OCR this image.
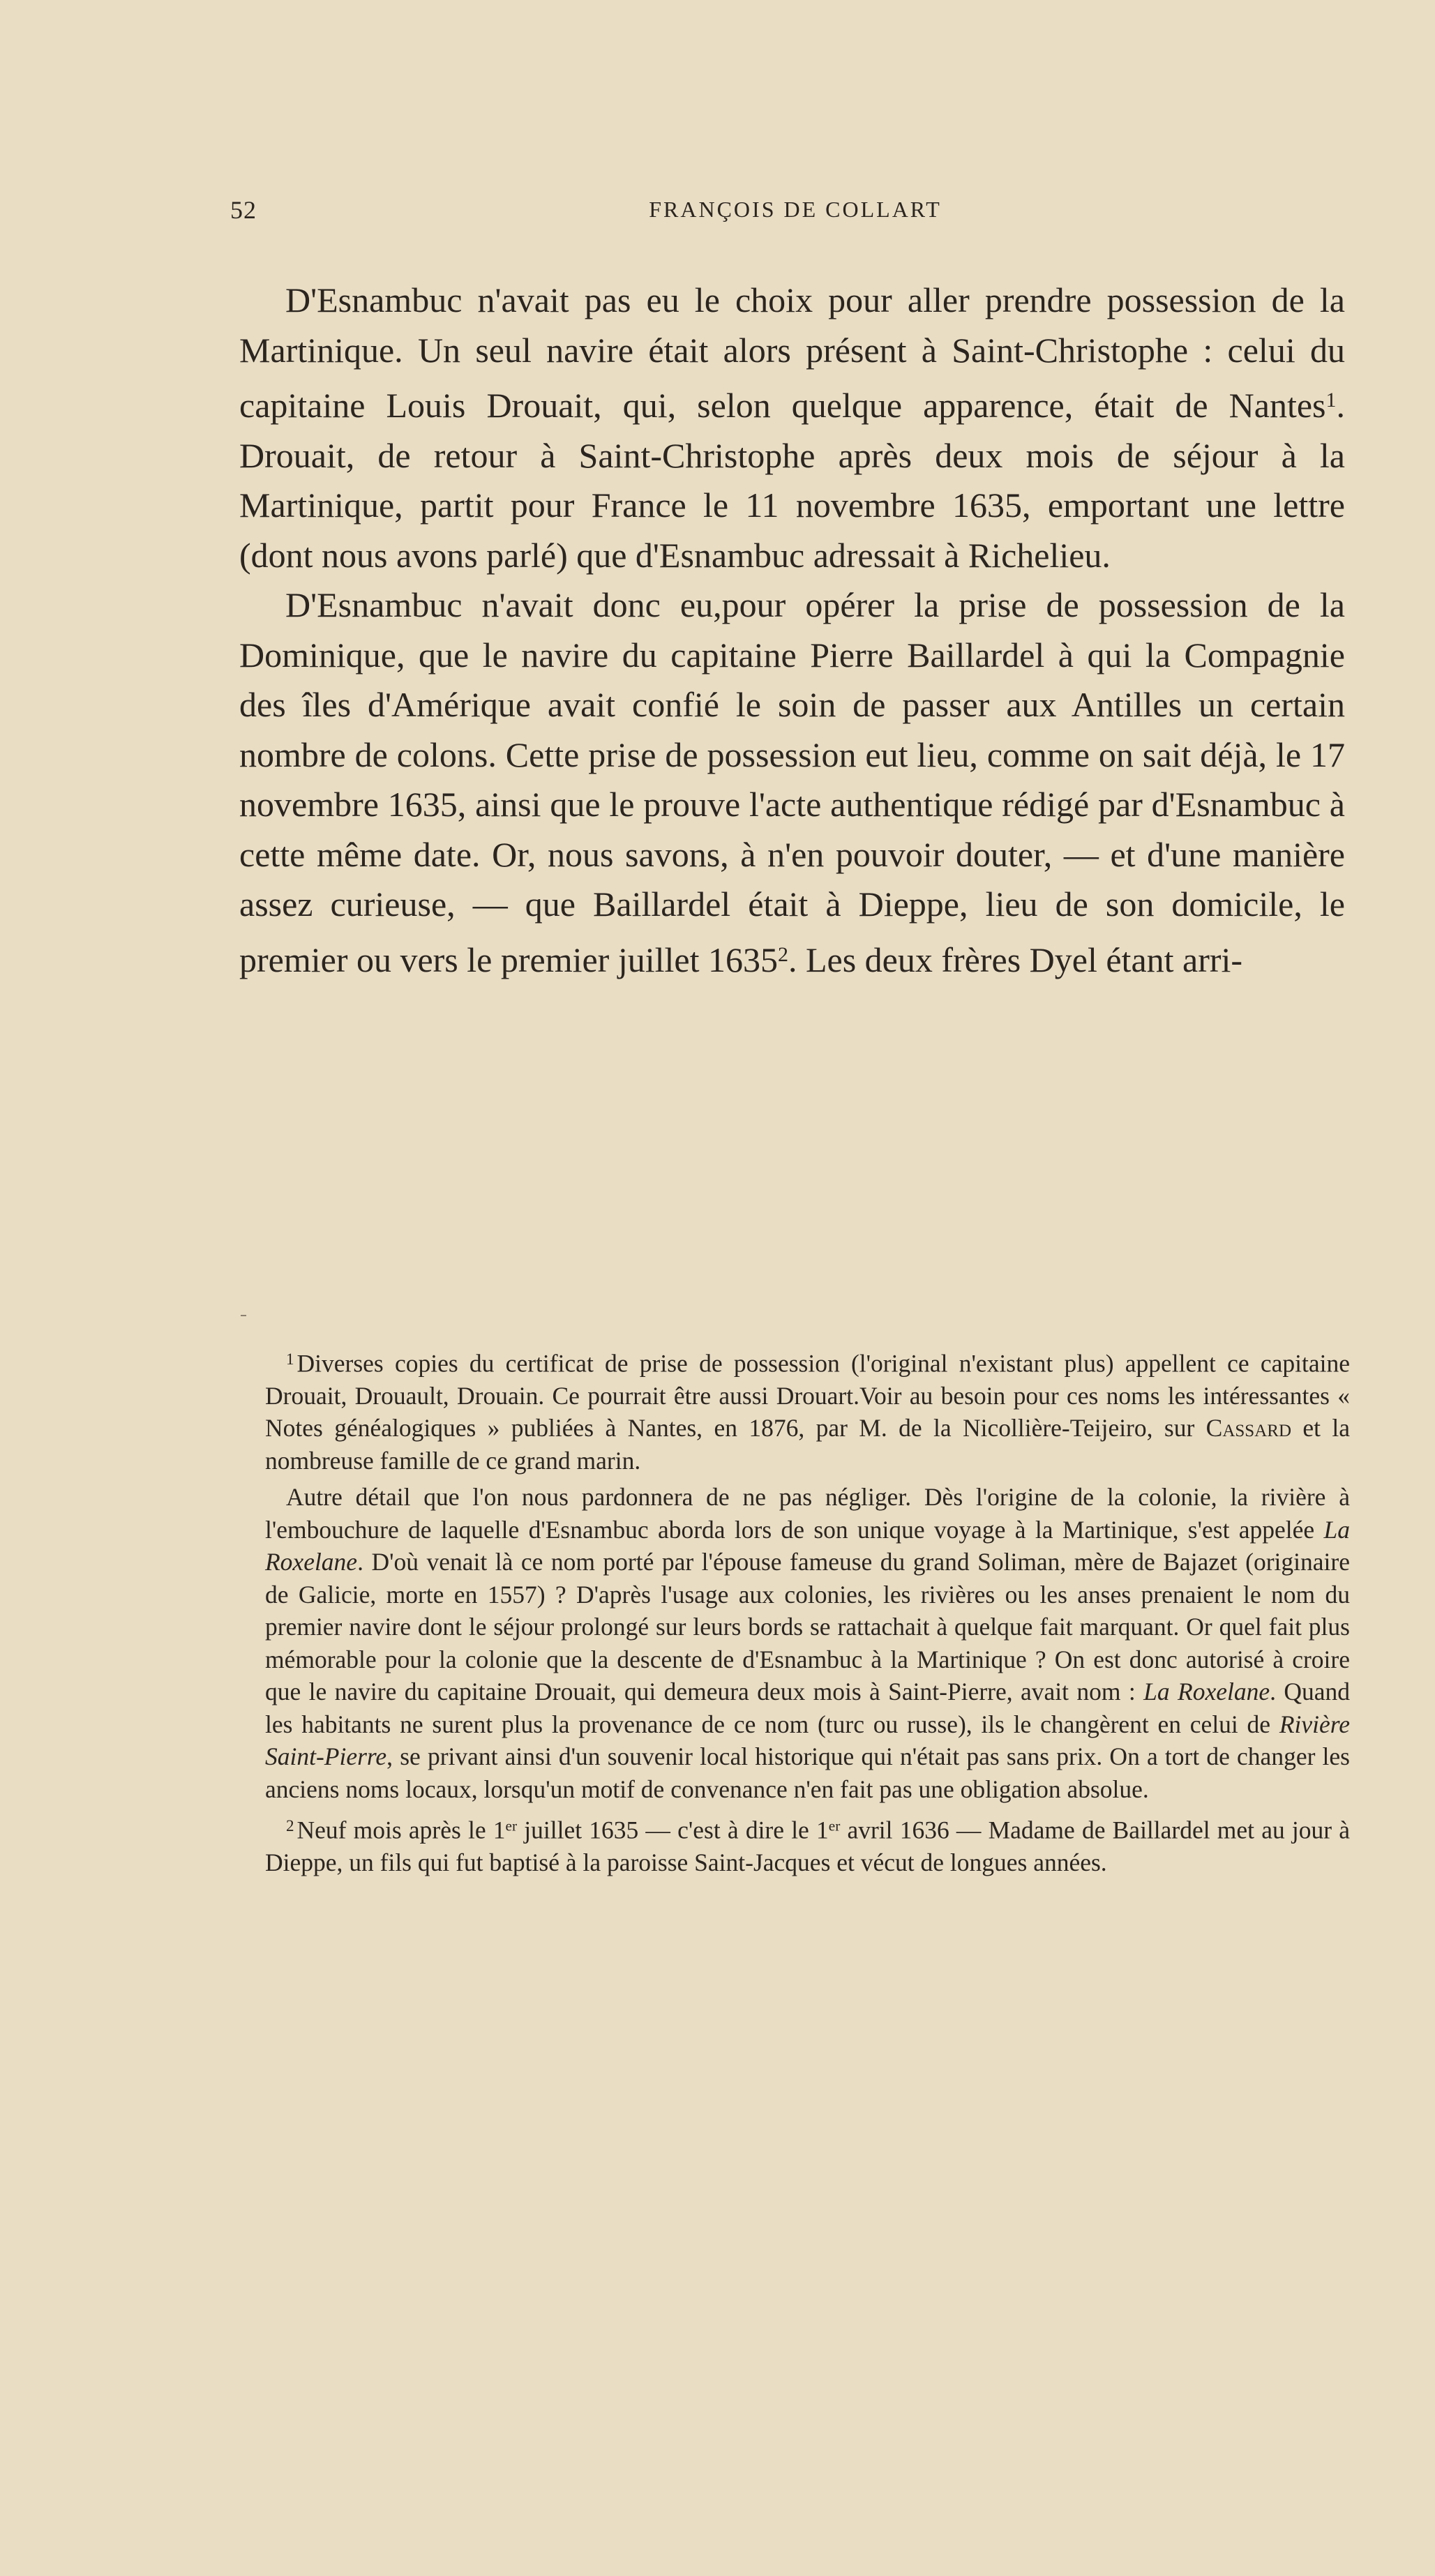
52	FRANÇOIS DE COLLART

D'Esnambuc n'avait pas eu le choix pour aller prendre possession de la Martinique. Un seul navire était alors présent à Saint-Christophe : celui du capitaine Louis Drouait, qui, selon quelque apparence, était de Nantes$^1$. Drouait, de retour à Saint-Christophe après deux mois de séjour à la Martinique, partit pour France le 11 novembre 1635, emportant une lettre (dont nous avons parlé) que d'Esnambuc adressait à Richelieu.

D'Esnambuc n'avait donc eu,pour opérer la prise de possession de la Dominique, que le navire du capitaine Pierre Baillardel à qui la Compagnie des îles d'Amérique avait confié le soin de passer aux Antilles un certain nombre de colons. Cette prise de possession eut lieu, comme on sait déjà, le 17 novembre 1635, ainsi que le prouve l'acte authentique rédigé par d'Esnambuc à cette même date. Or, nous savons, à n'en pouvoir douter, — et d'une manière assez curieuse, — que Baillardel était à Dieppe, lieu de son domicile, le premier ou vers le premier juillet 1635$^2$. Les deux frères Dyel étant arri-

$^1$ Diverses copies du certificat de prise de possession (l'original n'existant plus) appellent ce capitaine Drouait, Drouault, Drouain. Ce pourrait être aussi Drouart.Voir au besoin pour ces noms les intéressantes « Notes généalogiques » publiées à Nantes, en 1876, par M. de la Nicollière-Teijeiro, sur Cassard et la nombreuse famille de ce grand marin.

Autre détail que l'on nous pardonnera de ne pas négliger. Dès l'origine de la colonie, la rivière à l'embouchure de laquelle d'Esnambuc aborda lors de son unique voyage à la Martinique, s'est appelée La Roxelane. D'où venait là ce nom porté par l'épouse fameuse du grand Soliman, mère de Bajazet (originaire de Galicie, morte en 1557) ? D'après l'usage aux colonies, les rivières ou les anses prenaient le nom du premier navire dont le séjour prolongé sur leurs bords se rattachait à quelque fait marquant. Or quel fait plus mémorable pour la colonie que la descente de d'Esnambuc à la Martinique ? On est donc autorisé à croire que le navire du capitaine Drouait, qui demeura deux mois à Saint-Pierre, avait nom : La Roxelane. Quand les habitants ne surent plus la provenance de ce nom (turc ou russe), ils le changèrent en celui de Rivière Saint-Pierre, se privant ainsi d'un souvenir local historique qui n'était pas sans prix. On a tort de changer les anciens noms locaux, lorsqu'un motif de convenance n'en fait pas une obligation absolue.

$^2$ Neuf mois après le 1er juillet 1635 — c'est à dire le 1er avril 1636 — Madame de Baillardel met au jour à Dieppe, un fils qui fut baptisé à la paroisse Saint-Jacques et vécut de longues années.
